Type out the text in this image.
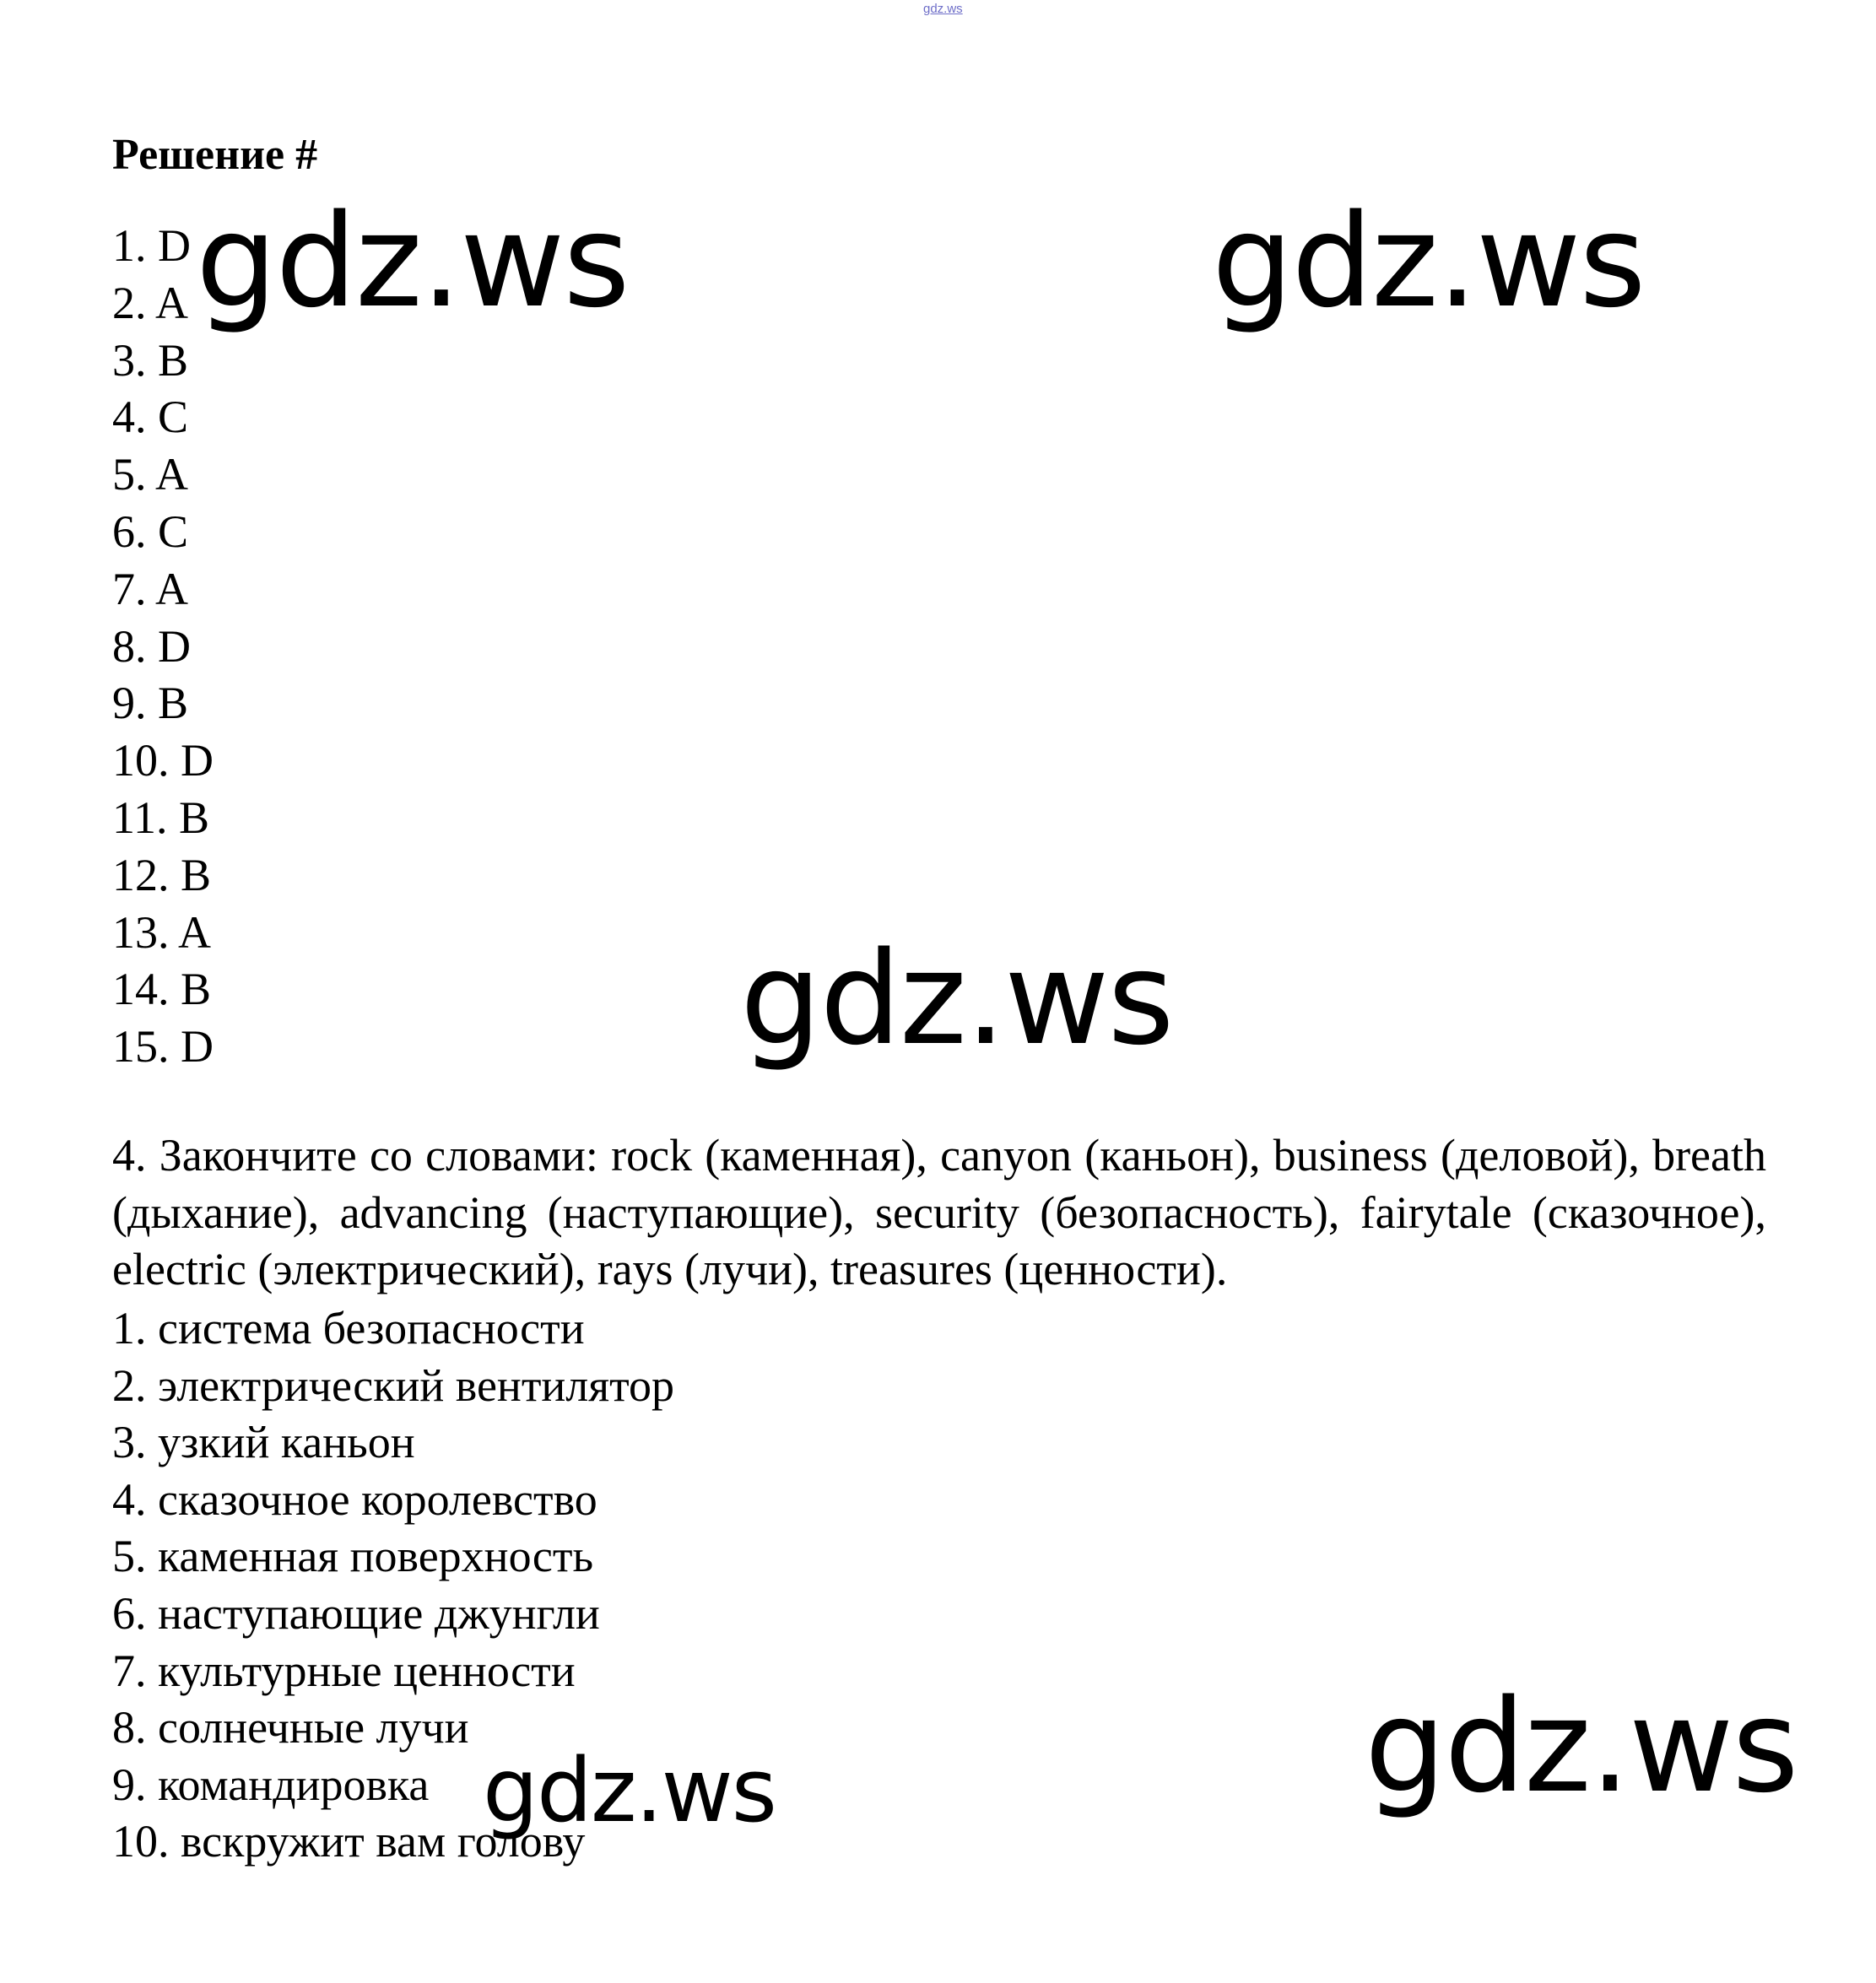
gdz.ws
Решение #
1. D
2. A
3. B
4. C
5. A
6. C
7. A
8. D
9. B
10. D
11. B
12. B
13. A
14. B
15. D

4. Закончите со словами: rock (каменная), canyon (каньон), business (деловой), breath (дыхание), advancing (наступающие), security (безопасность), fairytale (сказочное), electric (электрический), rays (лучи), treasures (ценности).

1. система безопасности
2. электрический вентилятор
3. узкий каньон
4. сказочное королевство
5. каменная поверхность
6. наступающие джунгли
7. культурные ценности
8. солнечные лучи
9. командировка
10. вскружит вам голову
gdz.ws	gdz.ws
gdz.ws
gdz.ws
gdz.ws
